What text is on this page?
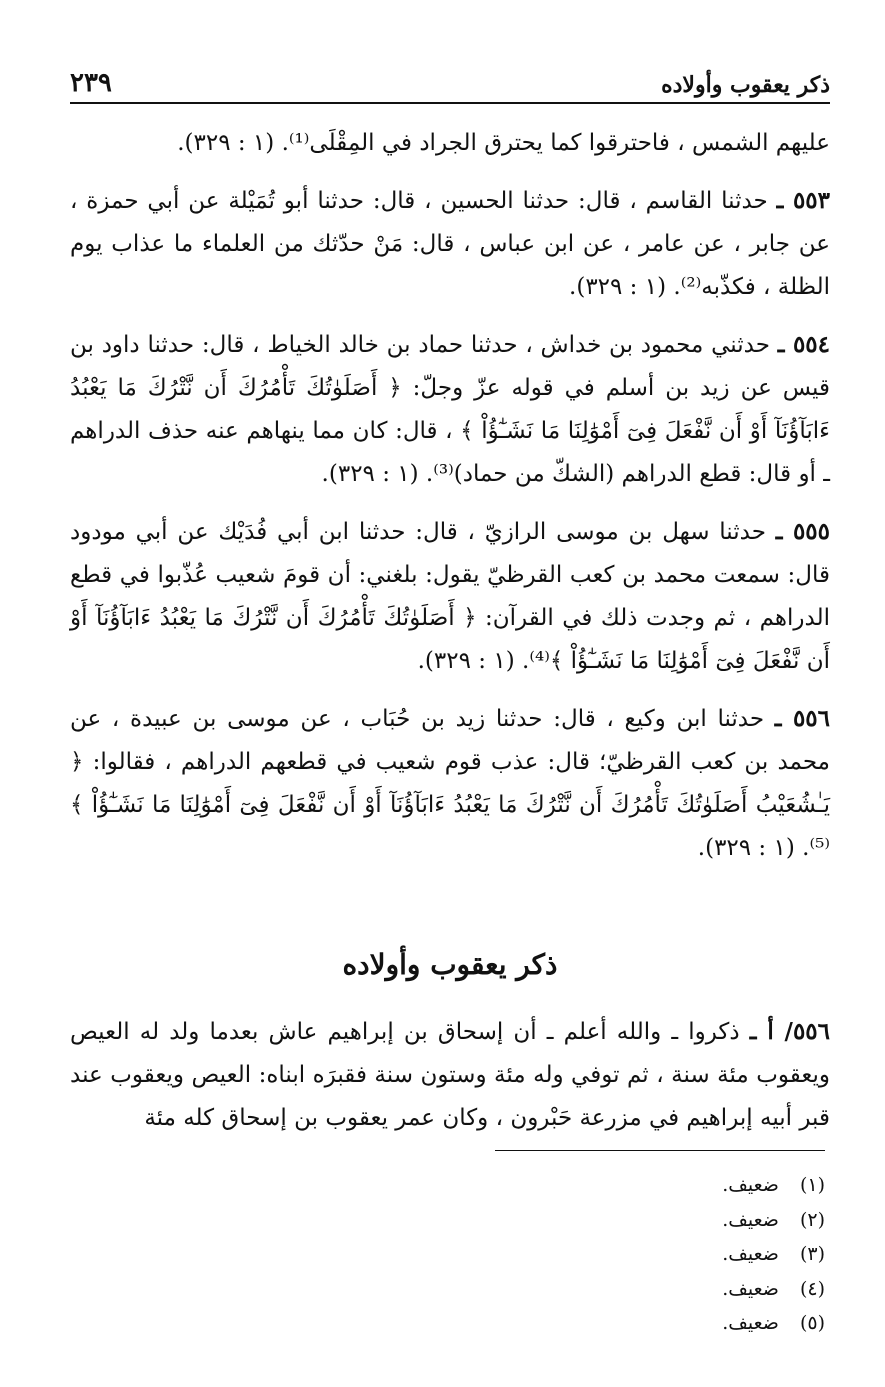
٢٣٩	ذكر يعقوب وأولاده

عليهم الشمس ، فاحترقوا كما يحترق الجراد في المِقْلَى⁽¹⁾. (١ : ٣٢٩).

٥٥٣ ـ حدثنا القاسم ، قال: حدثنا الحسين ، قال: حدثنا أبو تُمَيْلة عن أبي حمزة ، عن جابر ، عن عامر ، عن ابن عباس ، قال: مَنْ حدّثك من العلماء ما عذاب يوم الظلة ، فكذّبه⁽²⁾. (١ : ٣٢٩).

٥٥٤ ـ حدثني محمود بن خداش ، حدثنا حماد بن خالد الخياط ، قال: حدثنا داود بن قيس عن زيد بن أسلم في قوله عزّ وجلّ: ﴿ أَصَلَوٰتُكَ تَأْمُرُكَ أَن نَّتْرُكَ مَا يَعْبُدُ ءَابَآؤُنَآ أَوْ أَن نَّفْعَلَ فِىٓ أَمْوَٰلِنَا مَا نَشَـٰٓؤُاْ ﴾ ، قال: كان مما ينهاهم عنه حذف الدراهم ـ أو قال: قطع الدراهم (الشكّ من حماد)⁽³⁾. (١ : ٣٢٩).

٥٥٥ ـ حدثنا سهل بن موسى الرازيّ ، قال: حدثنا ابن أبي فُدَيْك عن أبي مودود قال: سمعت محمد بن كعب القرظيّ يقول: بلغني: أن قومَ شعيب عُذّبوا في قطع الدراهم ، ثم وجدت ذلك في القرآن: ﴿ أَصَلَوٰتُكَ تَأْمُرُكَ أَن نَّتْرُكَ مَا يَعْبُدُ ءَابَآؤُنَآ أَوْ أَن نَّفْعَلَ فِىٓ أَمْوَٰلِنَا مَا نَشَـٰٓؤُاْ ﴾⁽⁴⁾. (١ : ٣٢٩).

٥٥٦ ـ حدثنا ابن وكيع ، قال: حدثنا زيد بن حُبَاب ، عن موسى بن عبيدة ، عن محمد بن كعب القرظيّ؛ قال: عذب قوم شعيب في قطعهم الدراهم ، فقالوا: ﴿ يَـٰشُعَيْبُ أَصَلَوٰتُكَ تَأْمُرُكَ أَن نَّتْرُكَ مَا يَعْبُدُ ءَابَآؤُنَآ أَوْ أَن نَّفْعَلَ فِىٓ أَمْوَٰلِنَا مَا نَشَـٰٓؤُاْ ﴾⁽⁵⁾. (١ : ٣٢٩).

ذكر يعقوب وأولاده

٥٥٦/ أ ـ ذكروا ـ والله أعلم ـ أن إسحاق بن إبراهيم عاش بعدما ولد له العيص ويعقوب مئة سنة ، ثم توفي وله مئة وستون سنة فقبرَه ابناه: العيص ويعقوب عند قبر أبيه إبراهيم في مزرعة حَبْرون ، وكان عمر يعقوب بن إسحاق كله مئة

(١) ضعيف.
(٢) ضعيف.
(٣) ضعيف.
(٤) ضعيف.
(٥) ضعيف.
